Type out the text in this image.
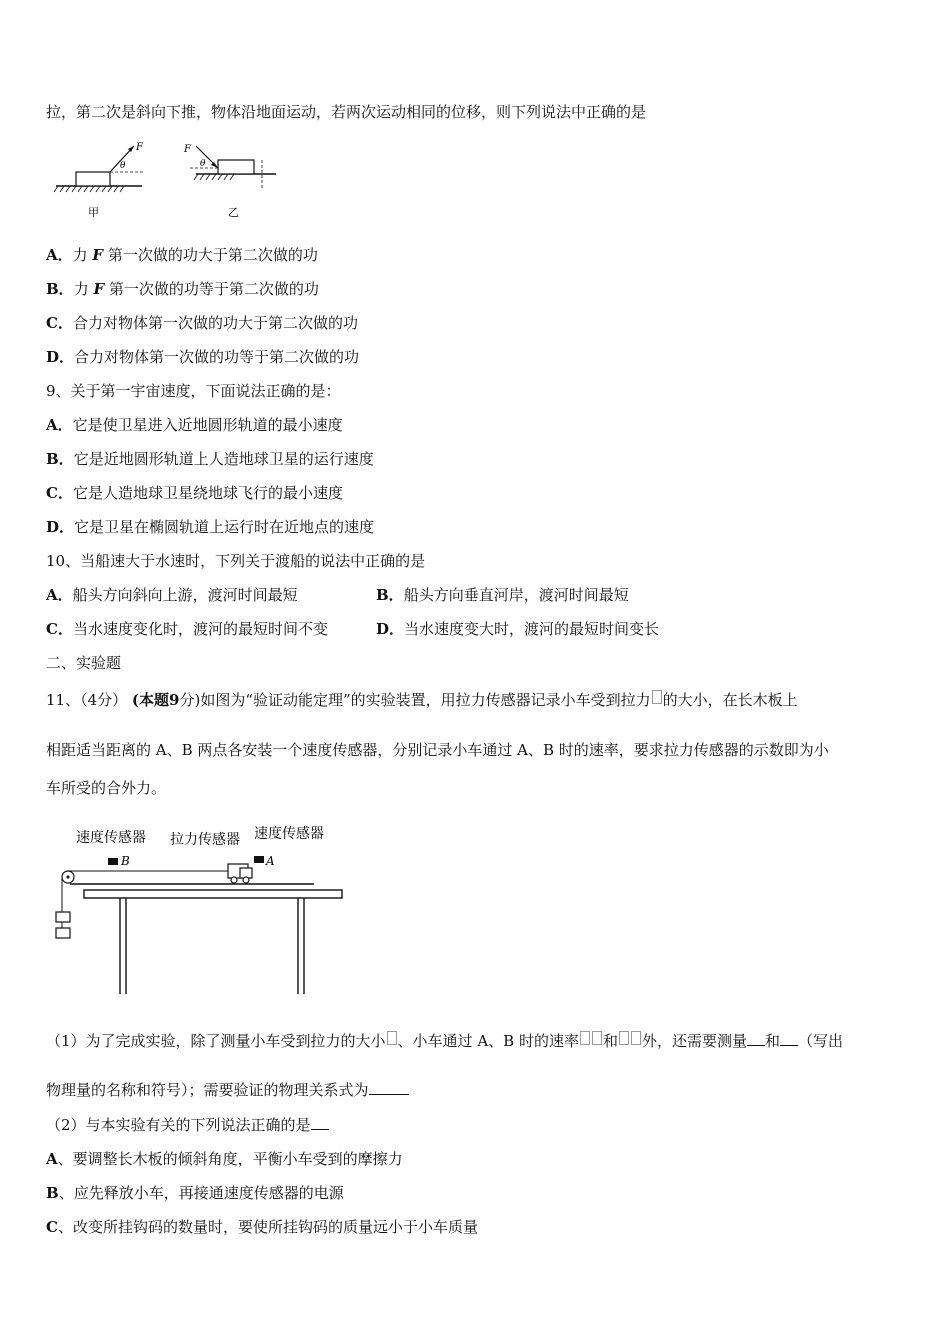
拉，第二次是斜向下推，物体沿地面运动，若两次运动相同的位移，则下列说法中正确的是
F
θ
甲
F
θ
乙
A．力 F 第一次做的功大于第二次做的功
B．力 F 第一次做的功等于第二次做的功
C．合力对物体第一次做的功大于第二次做的功
D．合力对物体第一次做的功等于第二次做的功
9、关于第一宇宙速度，下面说法正确的是：
A．它是使卫星进入近地圆形轨道的最小速度
B．它是近地圆形轨道上人造地球卫星的运行速度
C．它是人造地球卫星绕地球飞行的最小速度
D．它是卫星在椭圆轨道上运行时在近地点的速度
10、当船速大于水速时，下列关于渡船的说法中正确的是
A．船头方向斜向上游，渡河时间最短	B．船头方向垂直河岸，渡河时间最短
C．当水速度变化时，渡河的最短时间不变	D．当水速度变大时，渡河的最短时间变长
二、实验题
11、（4分） (本题9分)如图为“验证动能定理”的实验装置，用拉力传感器记录小车受到拉力 的大小，在长木板上
相距适当距离的 A、B 两点各安装一个速度传感器，分别记录小车通过 A、B 时的速率，要求拉力传感器的示数即为小
车所受的合外力。
速度传感器 拉力传感器 速度传感器
B	A
（1）为了完成实验，除了测量小车受到拉力的大小 、小车通过 A、B 时的速率 和 外，还需要测量 和 （写出
物理量的名称和符号）；需要验证的物理关系式为
（2）与本实验有关的下列说法正确的是
A、要调整长木板的倾斜角度，平衡小车受到的摩擦力
B、应先释放小车，再接通速度传感器的电源
C、改变所挂钩码的数量时，要使所挂钩码的质量远小于小车质量
